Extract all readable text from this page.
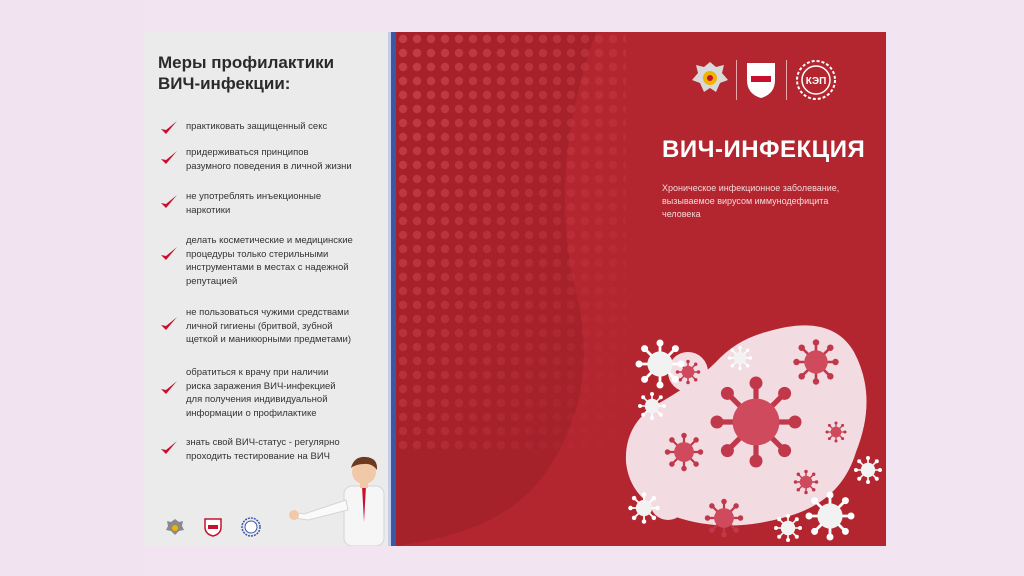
Меры профилактики
ВИЧ-инфекции:
практиковать защищенный секс
придерживаться принципов
разумного поведения в личной жизни
не употреблять инъекционные
наркотики
делать косметические и медицинские
процедуры только стерильными
инструментами в местах с надежной
репутацией
не пользоваться чужими средствами
личной гигиены (бритвой, зубной
щеткой и маникюрными предметами)
обратиться к врачу при наличии
риска заражения ВИЧ-инфекцией
для получения индивидуальной
информации о профилактике
знать свой ВИЧ-статус - регулярно
проходить тестирование на ВИЧ
КЭП
ВИЧ-ИНФЕКЦИЯ
Хроническое инфекционное заболевание,
вызываемое вирусом иммунодефицита
человека
